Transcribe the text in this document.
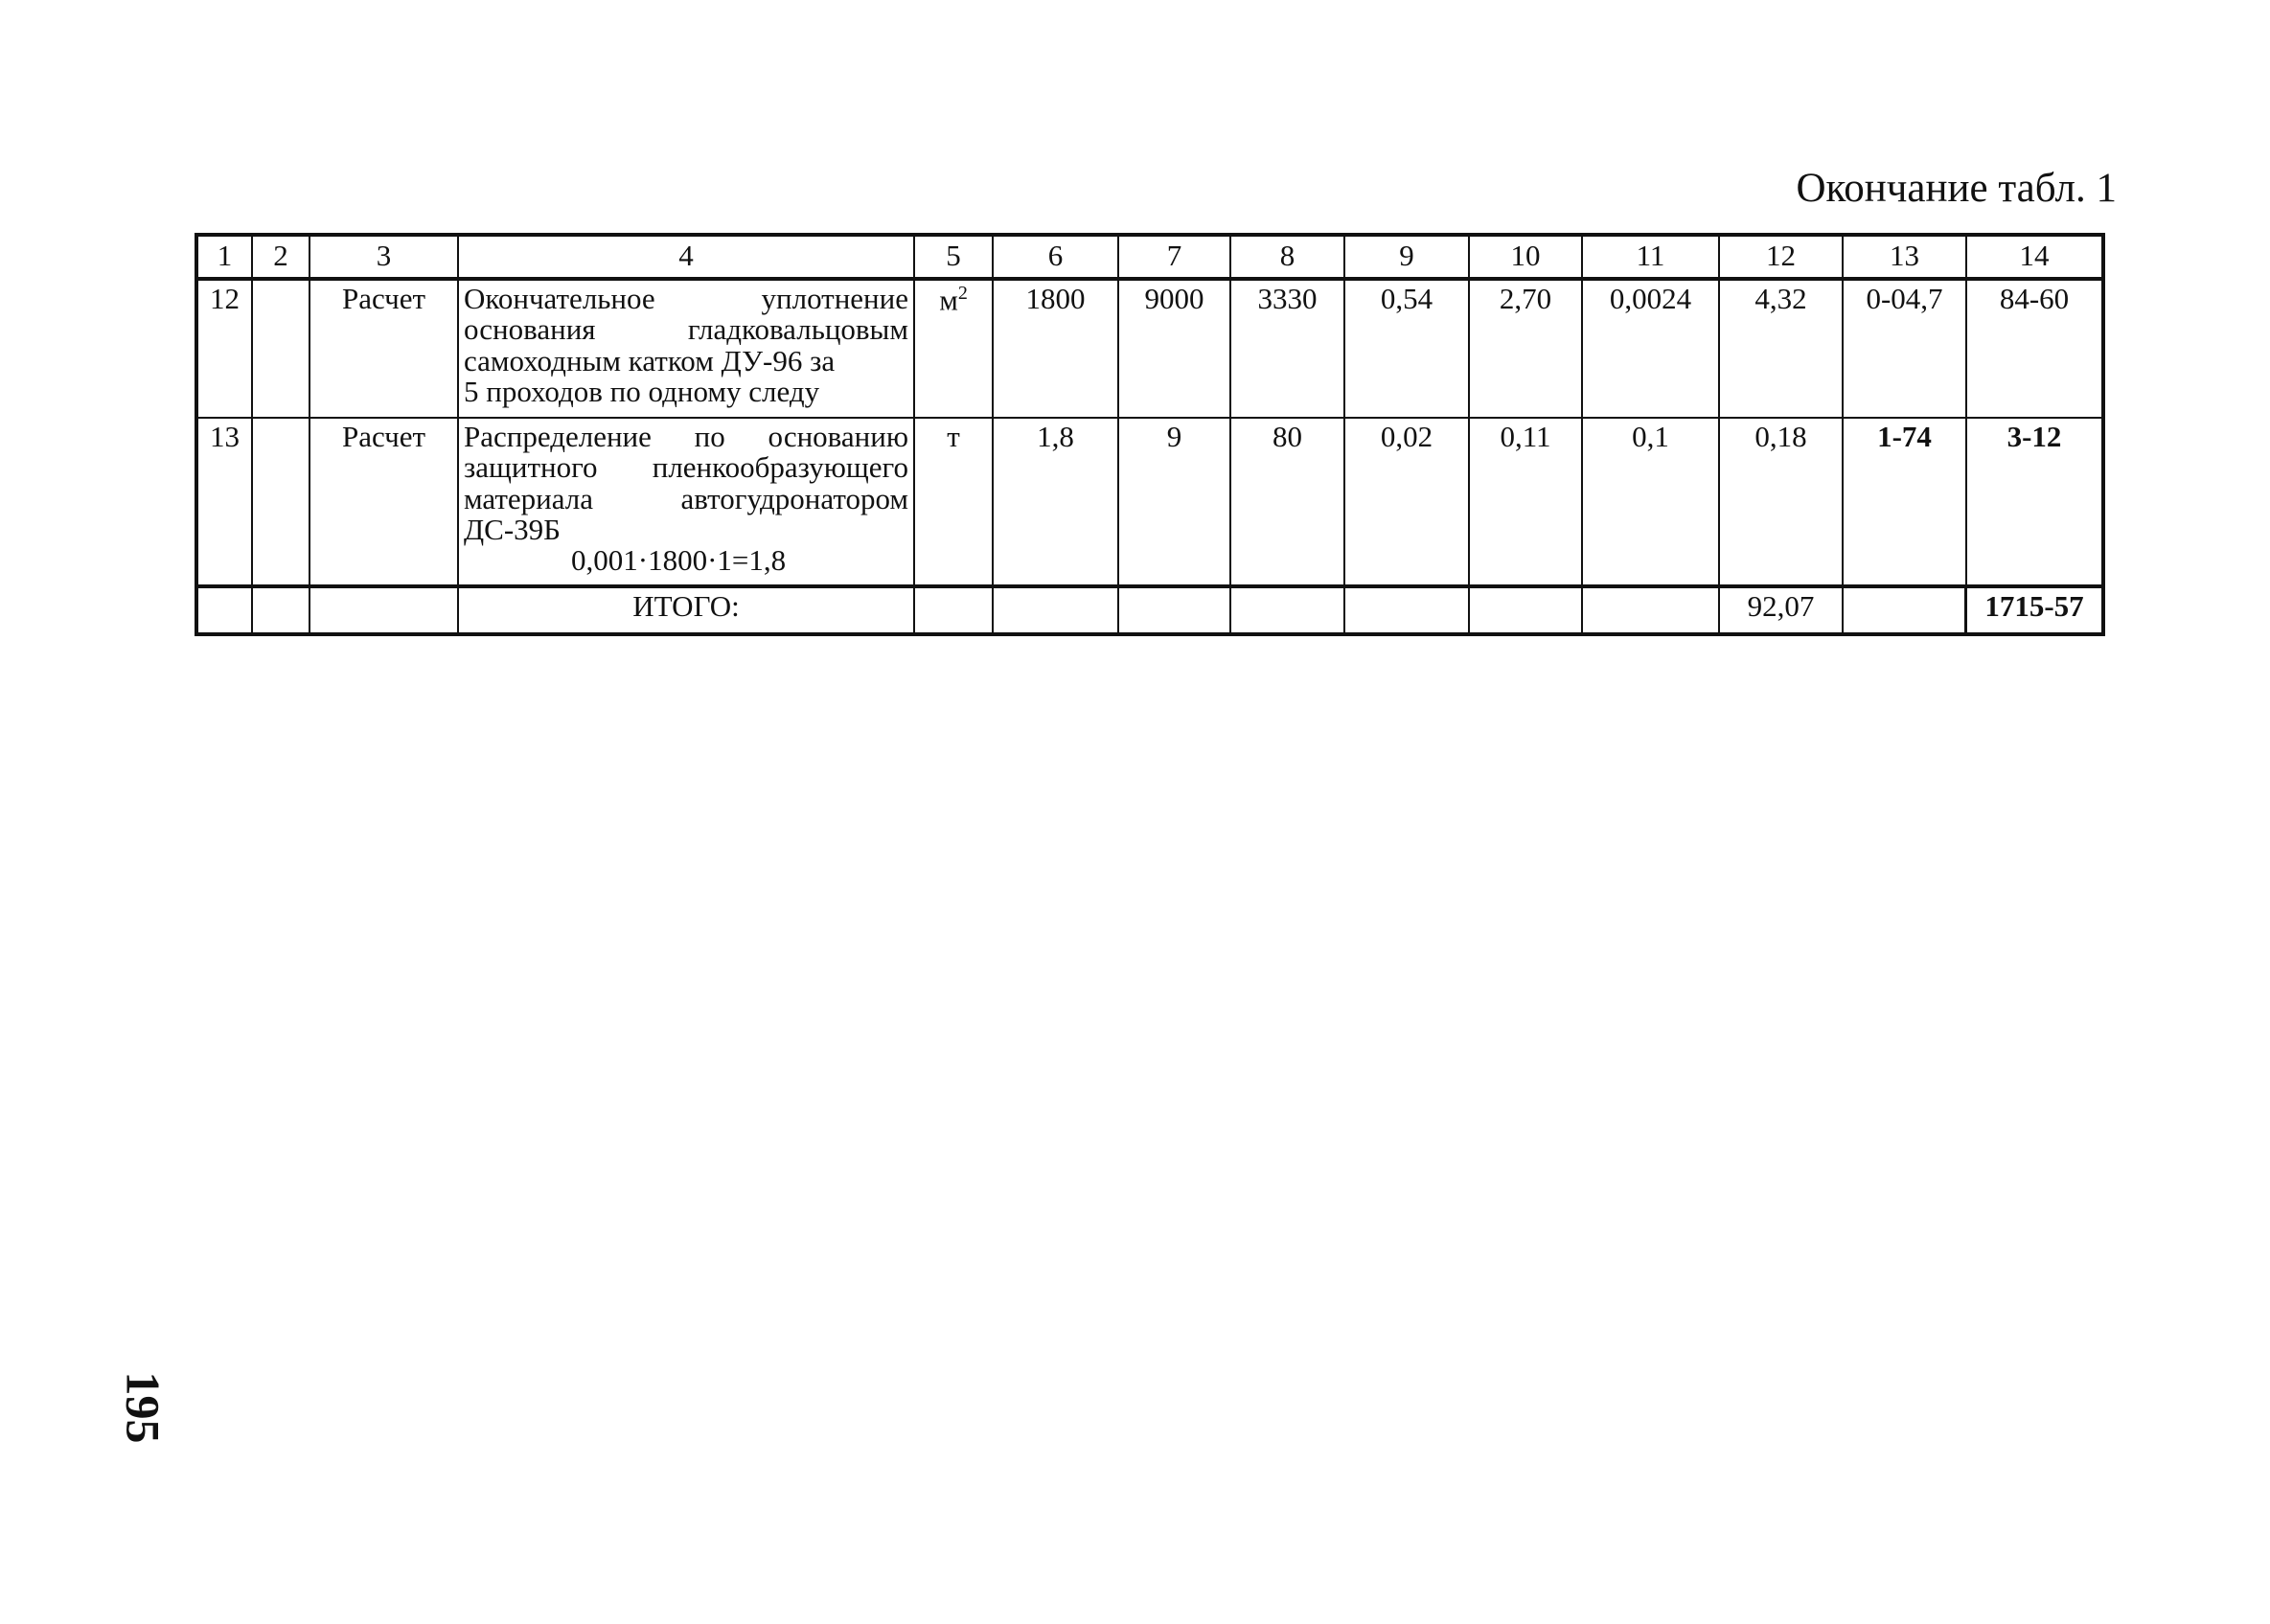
Окончание табл. 1
1	2	3	4	5	6	7	8	9	10	11	12	13	14
12		Расчет	Окончательное уплотнение
основания гладковальцовым
самоходным катком ДУ-96 за
5 проходов по одному следу	$м^2$	1800	9000	3330	0,54	2,70	0,0024	4,32	0-04,7	84-60
13		Расчет	Распределение по основанию
защитного пленкообразующего
материала автогудронатором
ДС-39Б
0,001·1800·1=1,8	т	1,8	9	80	0,02	0,11	0,1	0,18	1-74	3-12
			ИТОГО:								92,07		1715-57
195
